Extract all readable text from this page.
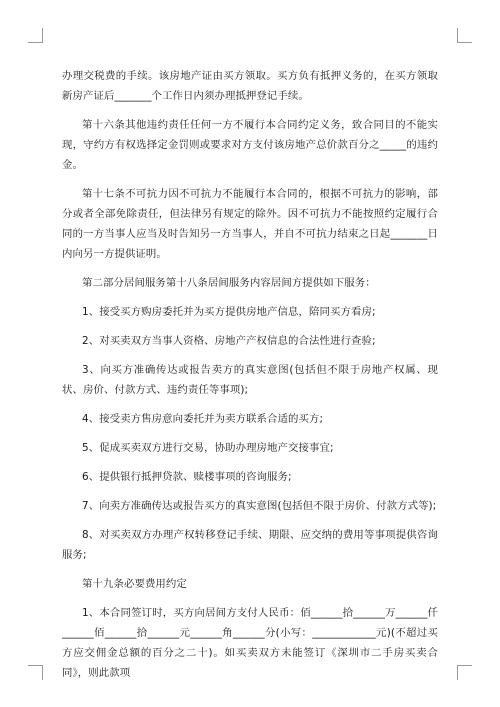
办理交税费的手续。该房地产证由买方领取。买方负有抵押义务的，在买方领取新房产证后_______个工作日内须办理抵押登记手续。

第十六条其他违约责任任何一方不履行本合同约定义务，致合同目的不能实现，守约方有权选择定金罚则或要求对方支付该房地产总价款百分之_____的违约金。

第十七条不可抗力因不可抗力不能履行本合同的，根据不可抗力的影响，部分或者全部免除责任，但法律另有规定的除外。因不可抗力不能按照约定履行合同的一方当事人应当及时告知另一方当事人，并自不可抗力结束之日起_______日内向另一方提供证明。

第二部分居间服务第十八条居间服务内容居间方提供如下服务：

1、接受买方购房委托并为买方提供房地产信息，陪同买方看房;

2、对买卖双方当事人资格、房地产产权信息的合法性进行查验;

3、向买方准确传达或报告卖方的真实意图(包括但不限于房地产权属、现状、房价、付款方式、违约责任等事项);

4、接受卖方售房意向委托并为卖方联系合适的买方;

5、促成买卖双方进行交易，协助办理房地产交接事宜;

6、提供银行抵押贷款、赎楼事项的咨询服务;

7、向卖方准确传达或报告买方的真实意图(包括但不限于房价、付款方式等);

8、对买卖双方办理产权转移登记手续、期限、应交纳的费用等事项提供咨询服务;

第十九条必要费用约定

1、本合同签订时，买方向居间方支付人民币：佰______拾______万______仟______佰______拾______元______角______分(小写：____________元)(不超过买方应交佣金总额的百分之二十)。如买卖双方未能签订《深圳市二手房买卖合同》，则此款项
